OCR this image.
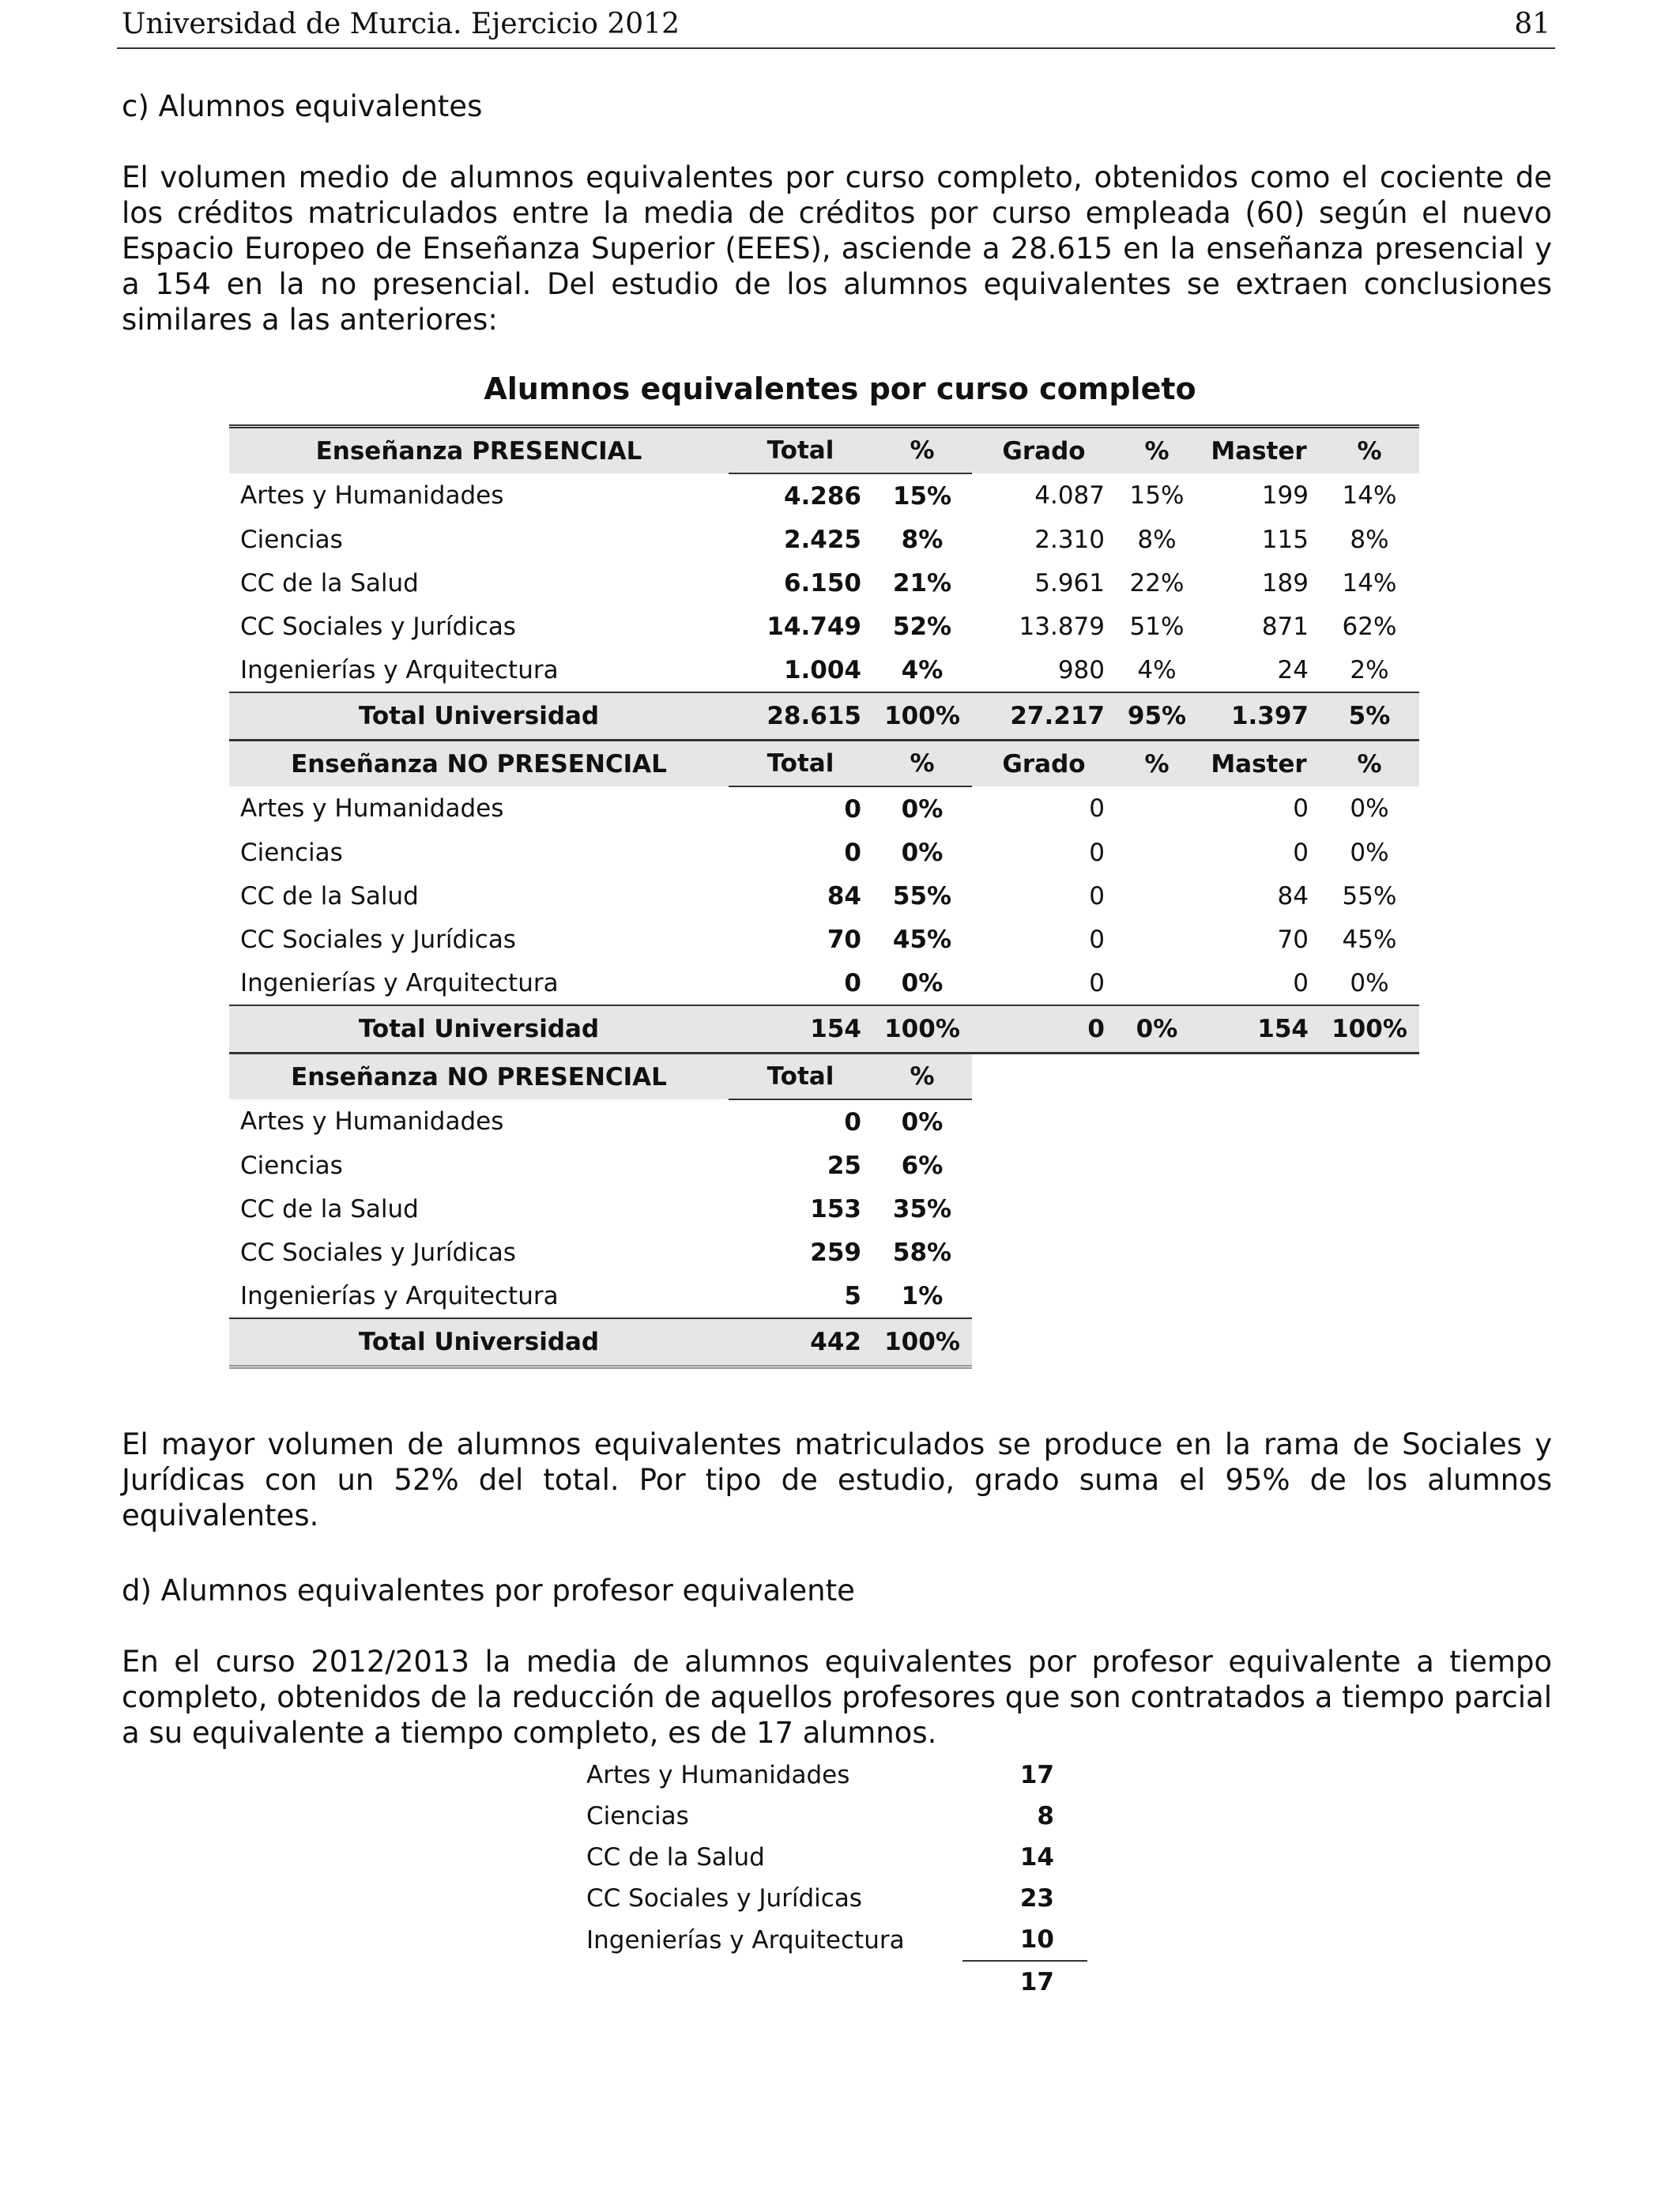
Universidad de Murcia. Ejercicio 2012	81
c) Alumnos equivalentes

El volumen medio de alumnos equivalentes por curso completo, obtenidos como el cociente de los créditos matriculados entre la media de créditos por curso empleada (60) según el nuevo Espacio Europeo de Enseñanza Superior (EEES), asciende a 28.615 en la enseñanza presencial y a 154 en la no presencial. Del estudio de los alumnos equivalentes se extraen conclusiones similares a las anteriores:

Alumnos equivalentes por curso completo
Enseñanza PRESENCIAL	Total	%	Grado	%	Master	%
Artes y Humanidades	4.286	15%	4.087	15%	199	14%
Ciencias	2.425	8%	2.310	8%	115	8%
CC de la Salud	6.150	21%	5.961	22%	189	14%
CC Sociales y Jurídicas	14.749	52%	13.879	51%	871	62%
Ingenierías y Arquitectura	1.004	4%	980	4%	24	2%
Total Universidad	28.615	100%	27.217	95%	1.397	5%
Enseñanza NO PRESENCIAL	Total	%	Grado	%	Master	%
Artes y Humanidades	0	0%	0		0	0%
Ciencias	0	0%	0		0	0%
CC de la Salud	84	55%	0		84	55%
CC Sociales y Jurídicas	70	45%	0		70	45%
Ingenierías y Arquitectura	0	0%	0		0	0%
Total Universidad	154	100%	0	0%	154	100%
Enseñanza NO PRESENCIAL	Total	%				
Artes y Humanidades	0	0%				
Ciencias	25	6%				
CC de la Salud	153	35%				
CC Sociales y Jurídicas	259	58%				
Ingenierías y Arquitectura	5	1%				
Total Universidad	442	100%				

El mayor volumen de alumnos equivalentes matriculados se produce en la rama de Sociales y Jurídicas con un 52% del total. Por tipo de estudio, grado suma el 95% de los alumnos equivalentes.

d) Alumnos equivalentes por profesor equivalente

En el curso 2012/2013 la media de alumnos equivalentes por profesor equivalente a tiempo completo, obtenidos de la reducción de aquellos profesores que son contratados a tiempo parcial a su equivalente a tiempo completo, es de 17 alumnos.

Artes y Humanidades	17
Ciencias	8
CC de la Salud	14
CC Sociales y Jurídicas	23
Ingenierías y Arquitectura	10
	17
